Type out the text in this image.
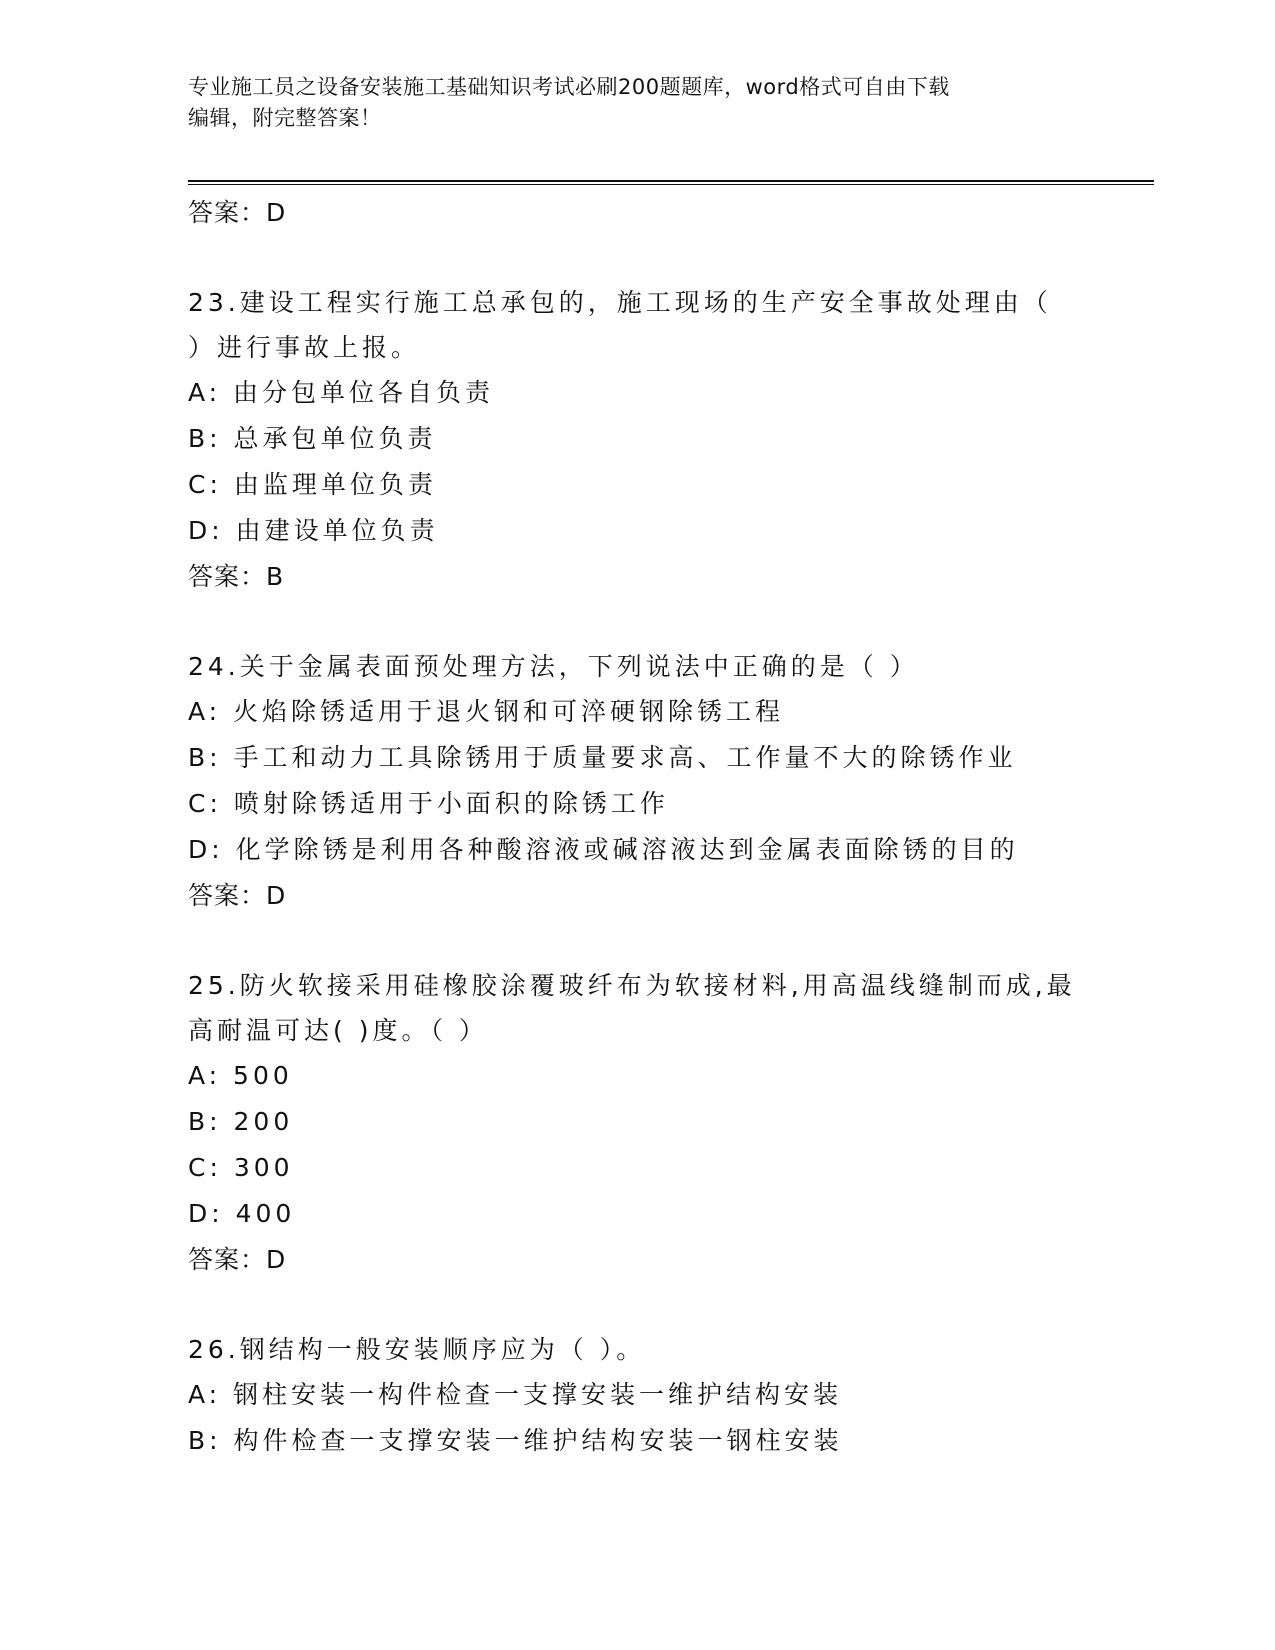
专业施工员之设备安装施工基础知识考试必刷200题题库，word格式可自由下载
编辑，附完整答案！
答案：D
23.建设工程实行施工总承包的，施工现场的生产安全事故处理由（
）进行事故上报。
A: 由分包单位各自负责
B: 总承包单位负责
C: 由监理单位负责
D: 由建设单位负责
答案：B
24.关于金属表面预处理方法，下列说法中正确的是（ ）
A: 火焰除锈适用于退火钢和可淬硬钢除锈工程
B: 手工和动力工具除锈用于质量要求高、工作量不大的除锈作业
C: 喷射除锈适用于小面积的除锈工作
D: 化学除锈是利用各种酸溶液或碱溶液达到金属表面除锈的目的
答案：D
25.防火软接采用硅橡胶涂覆玻纤布为软接材料,用高温线缝制而成,最
高耐温可达( )度。（ ）
A: 500
B: 200
C: 300
D: 400
答案：D
26.钢结构一般安装顺序应为（ ）。
A: 钢柱安装一构件检查一支撑安装一维护结构安装
B: 构件检查一支撑安装一维护结构安装一钢柱安装
